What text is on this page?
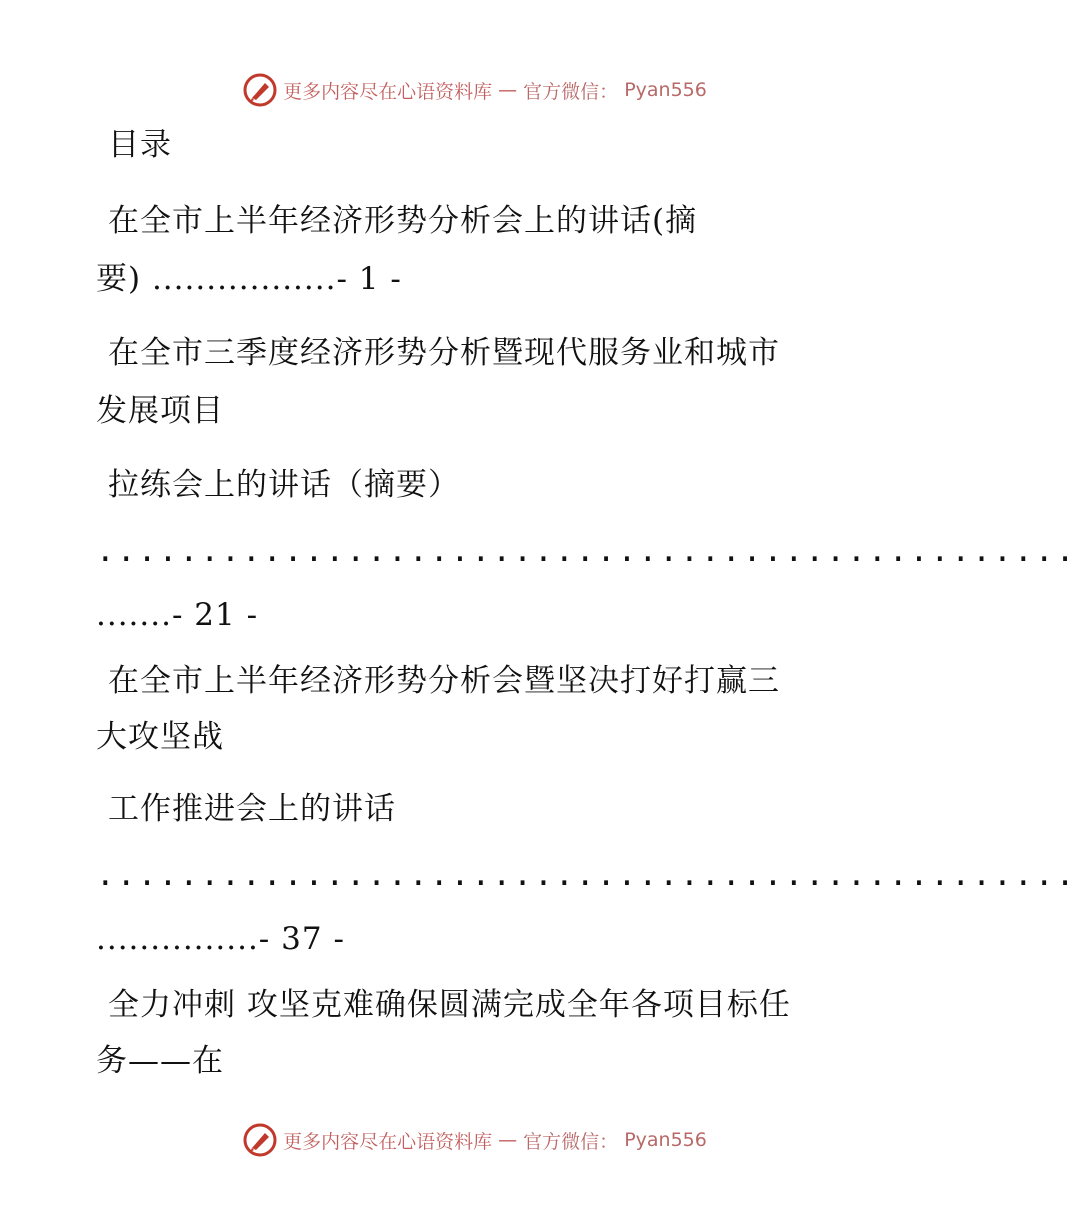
更多内容尽在心语资料库 — 官方微信： Pyan556
目录
在全市上半年经济形势分析会上的讲话(摘
要) .................- 1 -
在全市三季度经济形势分析暨现代服务业和城市
发展项目
拉练会上的讲话（摘要）
...............................................
.......- 21 -
在全市上半年经济形势分析会暨坚决打好打赢三
大攻坚战
工作推进会上的讲话
...............................................
...............- 37 -
全力冲刺 攻坚克难确保圆满完成全年各项目标任
务——在
更多内容尽在心语资料库 — 官方微信： Pyan556
